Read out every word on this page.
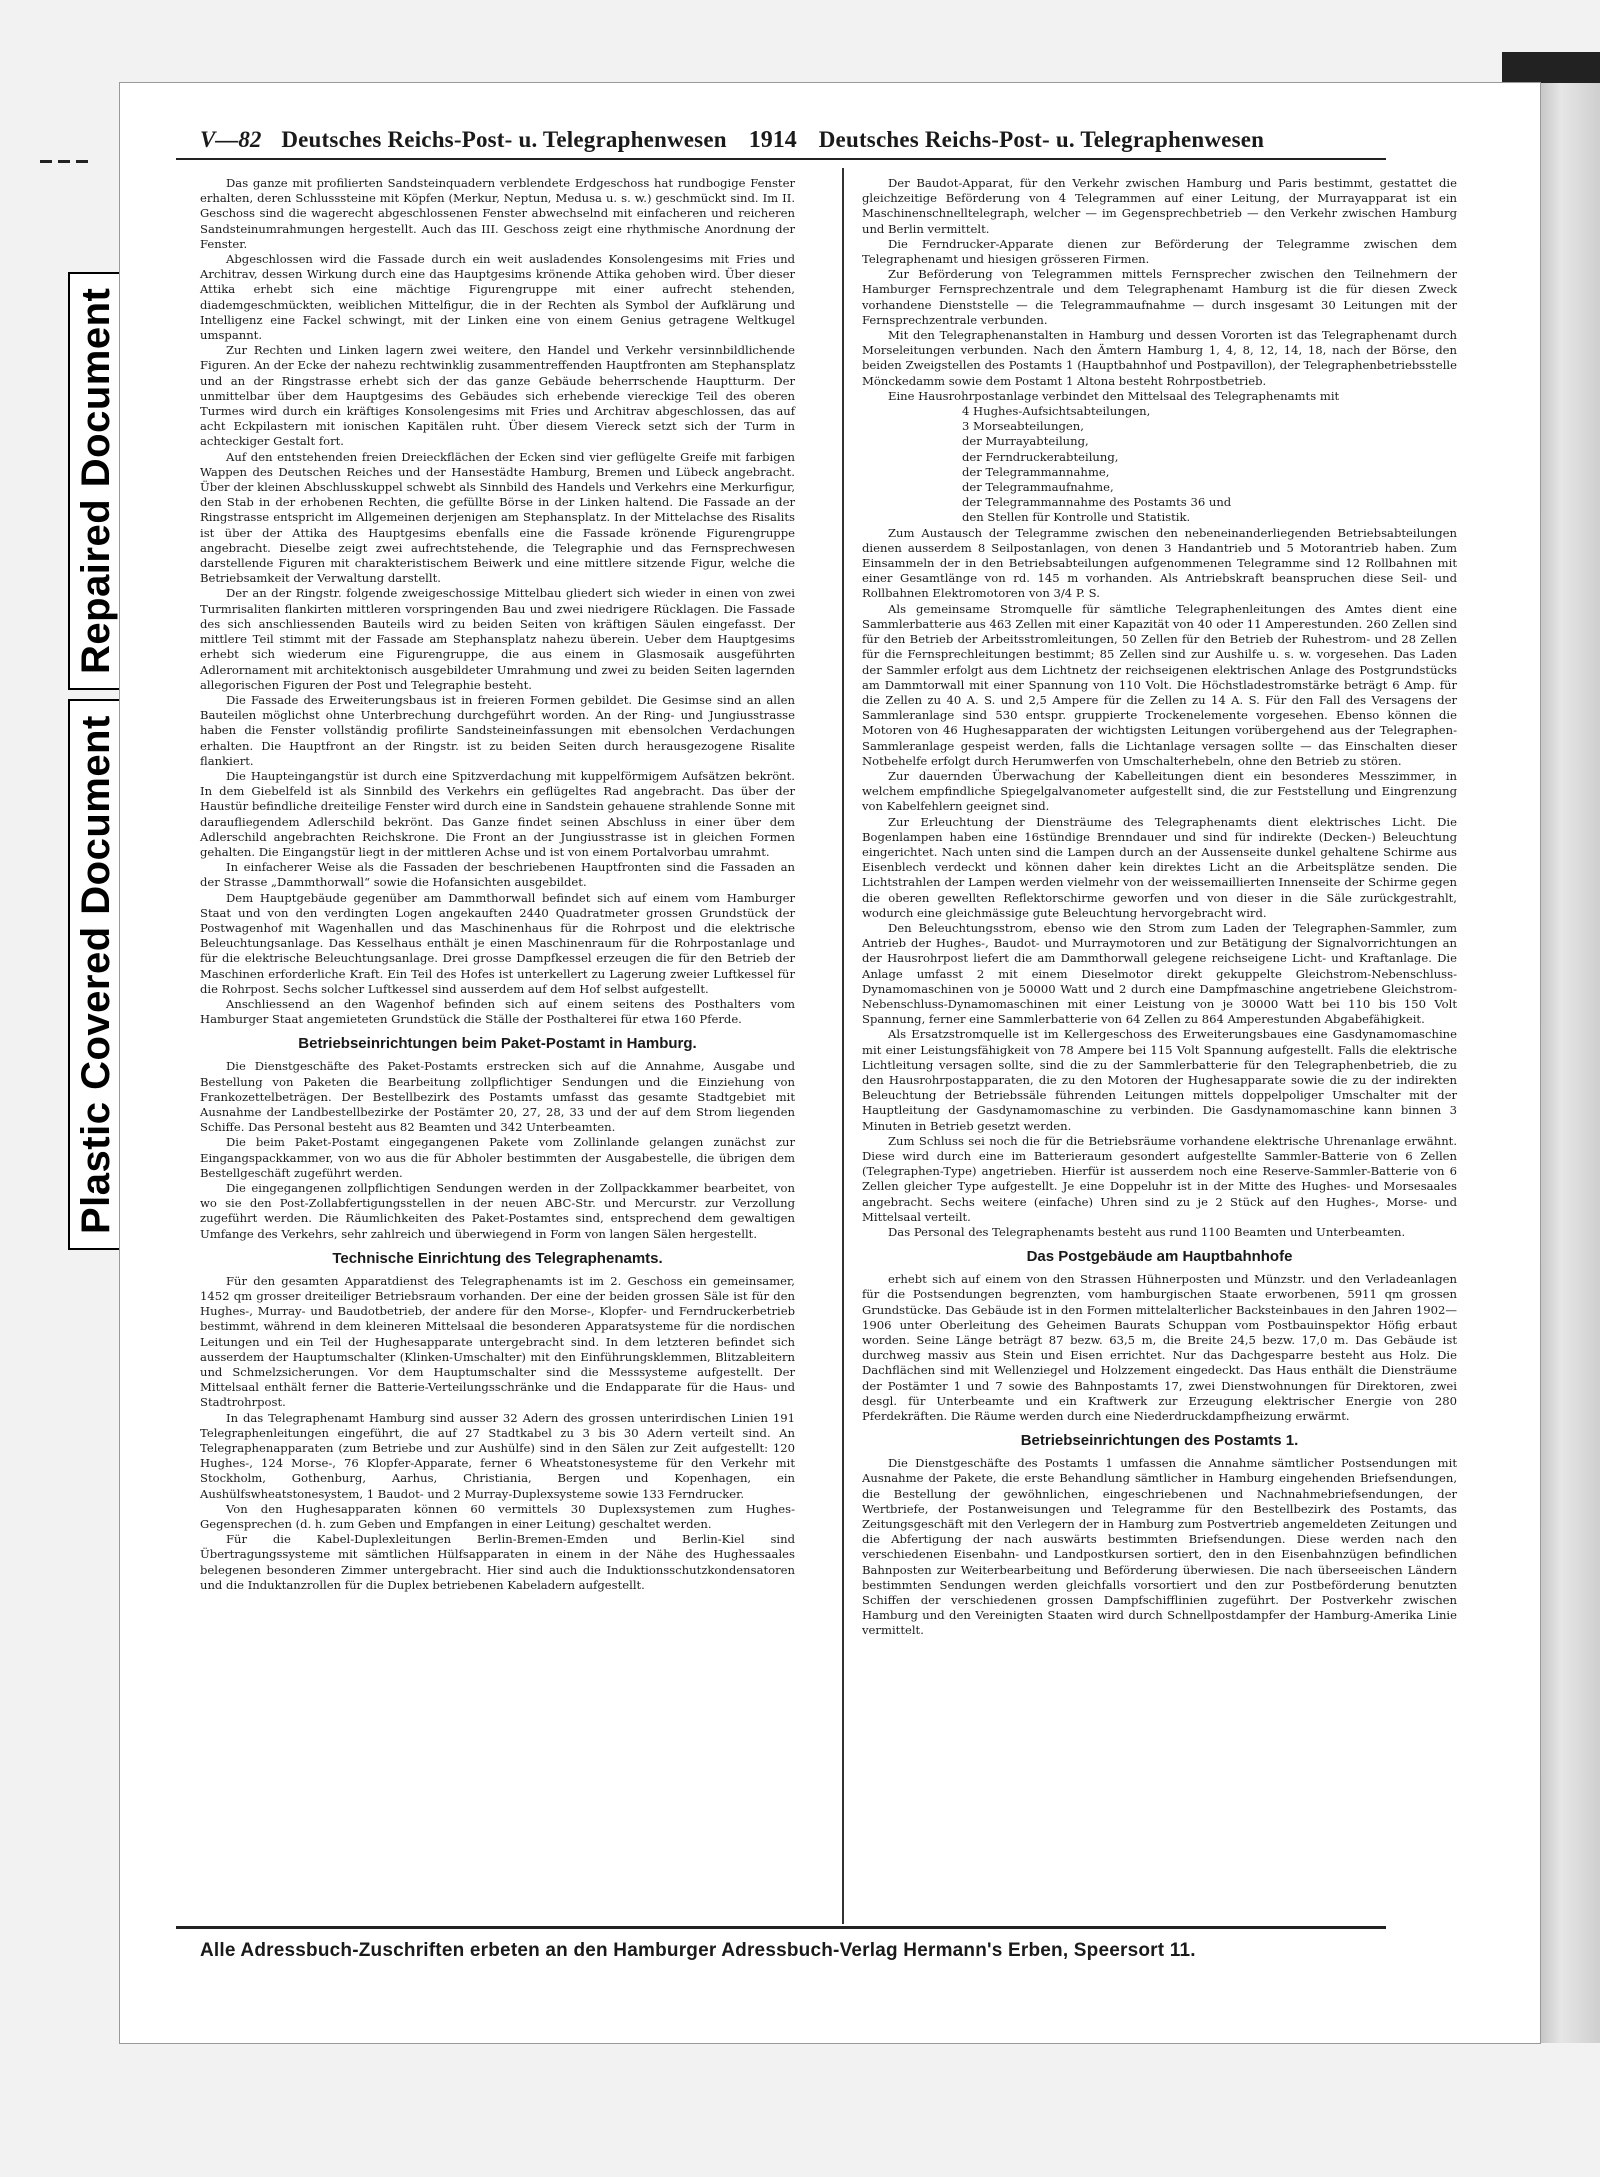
Repaired Document
Plastic Covered Document
V—82 Deutsches Reichs-Post- u. Telegraphenwesen 1914 Deutsches Reichs-Post- u. Telegraphenwesen

Das ganze mit profilierten Sandsteinquadern verblendete Erdgeschoss hat rundbogige Fenster erhalten, deren Schlusssteine mit Köpfen (Merkur, Neptun, Medusa u. s. w.) geschmückt sind. Im II. Geschoss sind die wagerecht abgeschlossenen Fenster abwechselnd mit einfacheren und reicheren Sandsteinumrahmungen hergestellt. Auch das III. Geschoss zeigt eine rhythmische Anordnung der Fenster.

Abgeschlossen wird die Fassade durch ein weit ausladendes Konsolengesims mit Fries und Architrav, dessen Wirkung durch eine das Hauptgesims krönende Attika gehoben wird. Über dieser Attika erhebt sich eine mächtige Figurengruppe mit einer aufrecht stehenden, diademgeschmückten, weiblichen Mittelfigur, die in der Rechten als Symbol der Aufklärung und Intelligenz eine Fackel schwingt, mit der Linken eine von einem Genius getragene Weltkugel umspannt.

Zur Rechten und Linken lagern zwei weitere, den Handel und Verkehr versinnbildlichende Figuren. An der Ecke der nahezu rechtwinklig zusammentreffenden Hauptfronten am Stephansplatz und an der Ringstrasse erhebt sich der das ganze Gebäude beherrschende Hauptturm. Der unmittelbar über dem Hauptgesims des Gebäudes sich erhebende viereckige Teil des oberen Turmes wird durch ein kräftiges Konsolengesims mit Fries und Architrav abgeschlossen, das auf acht Eckpilastern mit ionischen Kapitälen ruht. Über diesem Viereck setzt sich der Turm in achteckiger Gestalt fort.

Auf den entstehenden freien Dreieckflächen der Ecken sind vier geflügelte Greife mit farbigen Wappen des Deutschen Reiches und der Hansestädte Hamburg, Bremen und Lübeck angebracht. Über der kleinen Abschlusskuppel schwebt als Sinnbild des Handels und Verkehrs eine Merkurfigur, den Stab in der erhobenen Rechten, die gefüllte Börse in der Linken haltend. Die Fassade an der Ringstrasse entspricht im Allgemeinen derjenigen am Stephansplatz. In der Mittelachse des Risalits ist über der Attika des Hauptgesims ebenfalls eine die Fassade krönende Figurengruppe angebracht. Dieselbe zeigt zwei aufrechtstehende, die Telegraphie und das Fernsprechwesen darstellende Figuren mit charakteristischem Beiwerk und eine mittlere sitzende Figur, welche die Betriebsamkeit der Verwaltung darstellt.

Der an der Ringstr. folgende zweigeschossige Mittelbau gliedert sich wieder in einen von zwei Turmrisaliten flankirten mittleren vorspringenden Bau und zwei niedrigere Rücklagen. Die Fassade des sich anschliessenden Bauteils wird zu beiden Seiten von kräftigen Säulen eingefasst. Der mittlere Teil stimmt mit der Fassade am Stephansplatz nahezu überein. Ueber dem Hauptgesims erhebt sich wiederum eine Figurengruppe, die aus einem in Glasmosaik ausgeführten Adlerornament mit architektonisch ausgebildeter Umrahmung und zwei zu beiden Seiten lagernden allegorischen Figuren der Post und Telegraphie besteht.

Die Fassade des Erweiterungsbaus ist in freieren Formen gebildet. Die Gesimse sind an allen Bauteilen möglichst ohne Unterbrechung durchgeführt worden. An der Ring- und Jungiusstrasse haben die Fenster vollständig profilirte Sandsteineinfassungen mit ebensolchen Verdachungen erhalten. Die Hauptfront an der Ringstr. ist zu beiden Seiten durch herausgezogene Risalite flankiert.

Die Haupteingangstür ist durch eine Spitzverdachung mit kuppelförmigem Aufsätzen bekrönt. In dem Giebelfeld ist als Sinnbild des Verkehrs ein geflügeltes Rad angebracht. Das über der Haustür befindliche dreiteilige Fenster wird durch eine in Sandstein gehauene strahlende Sonne mit daraufliegendem Adlerschild bekrönt. Das Ganze findet seinen Abschluss in einer über dem Adlerschild angebrachten Reichskrone. Die Front an der Jungiusstrasse ist in gleichen Formen gehalten. Die Eingangstür liegt in der mittleren Achse und ist von einem Portalvorbau umrahmt.

In einfacherer Weise als die Fassaden der beschriebenen Hauptfronten sind die Fassaden an der Strasse „Dammthorwall“ sowie die Hofansichten ausgebildet.

Dem Hauptgebäude gegenüber am Dammthorwall befindet sich auf einem vom Hamburger Staat und von den verdingten Logen angekauften 2440 Quadratmeter grossen Grundstück der Postwagenhof mit Wagenhallen und das Maschinenhaus für die Rohrpost und die elektrische Beleuchtungsanlage. Das Kesselhaus enthält je einen Maschinenraum für die Rohrpostanlage und für die elektrische Beleuchtungsanlage. Drei grosse Dampfkessel erzeugen die für den Betrieb der Maschinen erforderliche Kraft. Ein Teil des Hofes ist unterkellert zu Lagerung zweier Luftkessel für die Rohrpost. Sechs solcher Luftkessel sind ausserdem auf dem Hof selbst aufgestellt.

Anschliessend an den Wagenhof befinden sich auf einem seitens des Posthalters vom Hamburger Staat angemieteten Grundstück die Ställe der Posthalterei für etwa 160 Pferde.

Betriebseinrichtungen beim Paket-Postamt in Hamburg.

Die Dienstgeschäfte des Paket-Postamts erstrecken sich auf die Annahme, Ausgabe und Bestellung von Paketen die Bearbeitung zollpflichtiger Sendungen und die Einziehung von Frankozettelbeträgen. Der Bestellbezirk des Postamts umfasst das gesamte Stadtgebiet mit Ausnahme der Landbestellbezirke der Postämter 20, 27, 28, 33 und der auf dem Strom liegenden Schiffe. Das Personal besteht aus 82 Beamten und 342 Unterbeamten.

Die beim Paket-Postamt eingegangenen Pakete vom Zollinlande gelangen zunächst zur Eingangspackkammer, von wo aus die für Abholer bestimmten der Ausgabestelle, die übrigen dem Bestellgeschäft zugeführt werden.

Die eingegangenen zollpflichtigen Sendungen werden in der Zollpackkammer bearbeitet, von wo sie den Post-Zollabfertigungsstellen in der neuen ABC-Str. und Mercurstr. zur Verzollung zugeführt werden. Die Räumlichkeiten des Paket-Postamtes sind, entsprechend dem gewaltigen Umfange des Verkehrs, sehr zahlreich und überwiegend in Form von langen Sälen hergestellt.

Technische Einrichtung des Telegraphenamts.

Für den gesamten Apparatdienst des Telegraphenamts ist im 2. Geschoss ein gemeinsamer, 1452 qm grosser dreiteiliger Betriebsraum vorhanden. Der eine der beiden grossen Säle ist für den Hughes-, Murray- und Baudotbetrieb, der andere für den Morse-, Klopfer- und Ferndruckerbetrieb bestimmt, während in dem kleineren Mittelsaal die besonderen Apparatsysteme für die nordischen Leitungen und ein Teil der Hughesapparate untergebracht sind. In dem letzteren befindet sich ausserdem der Hauptumschalter (Klinken-Umschalter) mit den Einführungsklemmen, Blitzableitern und Schmelzsicherungen. Vor dem Hauptumschalter sind die Messsysteme aufgestellt. Der Mittelsaal enthält ferner die Batterie-Verteilungsschränke und die Endapparate für die Haus- und Stadtrohrpost.

In das Telegraphenamt Hamburg sind ausser 32 Adern des grossen unterirdischen Linien 191 Telegraphenleitungen eingeführt, die auf 27 Stadtkabel zu 3 bis 30 Adern verteilt sind. An Telegraphenapparaten (zum Betriebe und zur Aushülfe) sind in den Sälen zur Zeit aufgestellt: 120 Hughes-, 124 Morse-, 76 Klopfer-Apparate, ferner 6 Wheatstonesysteme für den Verkehr mit Stockholm, Gothenburg, Aarhus, Christiania, Bergen und Kopenhagen, ein Aushülfswheatstonesystem, 1 Baudot- und 2 Murray-Duplexsysteme sowie 133 Ferndrucker.

Von den Hughesapparaten können 60 vermittels 30 Duplexsystemen zum Hughes-Gegensprechen (d. h. zum Geben und Empfangen in einer Leitung) geschaltet werden.

Für die Kabel-Duplexleitungen Berlin-Bremen-Emden und Berlin-Kiel sind Übertragungssysteme mit sämtlichen Hülfsapparaten in einem in der Nähe des Hughessaales belegenen besonderen Zimmer untergebracht. Hier sind auch die Induktionsschutzkondensatoren und die Induktanzrollen für die Duplex betriebenen Kabeladern aufgestellt.

Der Baudot-Apparat, für den Verkehr zwischen Hamburg und Paris bestimmt, gestattet die gleichzeitige Beförderung von 4 Telegrammen auf einer Leitung, der Murrayapparat ist ein Maschinenschnelltelegraph, welcher — im Gegensprechbetrieb — den Verkehr zwischen Hamburg und Berlin vermittelt.

Die Ferndrucker-Apparate dienen zur Beförderung der Telegramme zwischen dem Telegraphenamt und hiesigen grösseren Firmen.

Zur Beförderung von Telegrammen mittels Fernsprecher zwischen den Teilnehmern der Hamburger Fernsprechzentrale und dem Telegraphenamt Hamburg ist die für diesen Zweck vorhandene Dienststelle — die Telegrammaufnahme — durch insgesamt 30 Leitungen mit der Fernsprechzentrale verbunden.

Mit den Telegraphenanstalten in Hamburg und dessen Vororten ist das Telegraphenamt durch Morseleitungen verbunden. Nach den Ämtern Hamburg 1, 4, 8, 12, 14, 18, nach der Börse, den beiden Zweigstellen des Postamts 1 (Hauptbahnhof und Postpavillon), der Telegraphenbetriebsstelle Mönckedamm sowie dem Postamt 1 Altona besteht Rohrpostbetrieb.

Eine Hausrohrpostanlage verbindet den Mittelsaal des Telegraphenamts mit

4 Hughes-Aufsichtsabteilungen,
3 Morseabteilungen,
der Murrayabteilung,
der Ferndruckerabteilung,
der Telegrammannahme,
der Telegrammaufnahme,
der Telegrammannahme des Postamts 36 und
den Stellen für Kontrolle und Statistik.

Zum Austausch der Telegramme zwischen den nebeneinanderliegenden Betriebsabteilungen dienen ausserdem 8 Seilpostanlagen, von denen 3 Handantrieb und 5 Motorantrieb haben. Zum Einsammeln der in den Betriebsabteilungen aufgenommenen Telegramme sind 12 Rollbahnen mit einer Gesamtlänge von rd. 145 m vorhanden. Als Antriebskraft beanspruchen diese Seil- und Rollbahnen Elektromotoren von 3/4 P. S.

Als gemeinsame Stromquelle für sämtliche Telegraphenleitungen des Amtes dient eine Sammlerbatterie aus 463 Zellen mit einer Kapazität von 40 oder 11 Amperestunden. 260 Zellen sind für den Betrieb der Arbeitsstromleitungen, 50 Zellen für den Betrieb der Ruhestrom- und 28 Zellen für die Fernsprechleitungen bestimmt; 85 Zellen sind zur Aushilfe u. s. w. vorgesehen. Das Laden der Sammler erfolgt aus dem Lichtnetz der reichseigenen elektrischen Anlage des Postgrundstücks am Dammtorwall mit einer Spannung von 110 Volt. Die Höchstladestromstärke beträgt 6 Amp. für die Zellen zu 40 A. S. und 2,5 Ampere für die Zellen zu 14 A. S. Für den Fall des Versagens der Sammleranlage sind 530 entspr. gruppierte Trockenelemente vorgesehen. Ebenso können die Motoren von 46 Hughesapparaten der wichtigsten Leitungen vorübergehend aus der Telegraphen-Sammleranlage gespeist werden, falls die Lichtanlage versagen sollte — das Einschalten dieser Notbehelfe erfolgt durch Herumwerfen von Umschalterhebeln, ohne den Betrieb zu stören.

Zur dauernden Überwachung der Kabelleitungen dient ein besonderes Messzimmer, in welchem empfindliche Spiegelgalvanometer aufgestellt sind, die zur Feststellung und Eingrenzung von Kabelfehlern geeignet sind.

Zur Erleuchtung der Diensträume des Telegraphenamts dient elektrisches Licht. Die Bogenlampen haben eine 16stündige Brenndauer und sind für indirekte (Decken-) Beleuchtung eingerichtet. Nach unten sind die Lampen durch an der Aussenseite dunkel gehaltene Schirme aus Eisenblech verdeckt und können daher kein direktes Licht an die Arbeitsplätze senden. Die Lichtstrahlen der Lampen werden vielmehr von der weissemaillierten Innenseite der Schirme gegen die oberen gewellten Reflektorschirme geworfen und von dieser in die Säle zurückgestrahlt, wodurch eine gleichmässige gute Beleuchtung hervorgebracht wird.

Den Beleuchtungsstrom, ebenso wie den Strom zum Laden der Telegraphen-Sammler, zum Antrieb der Hughes-, Baudot- und Murraymotoren und zur Betätigung der Signalvorrichtungen an der Hausrohrpost liefert die am Dammthorwall gelegene reichseigene Licht- und Kraftanlage. Die Anlage umfasst 2 mit einem Dieselmotor direkt gekuppelte Gleichstrom-Nebenschluss-Dynamomaschinen von je 50000 Watt und 2 durch eine Dampfmaschine angetriebene Gleichstrom-Nebenschluss-Dynamomaschinen mit einer Leistung von je 30000 Watt bei 110 bis 150 Volt Spannung, ferner eine Sammlerbatterie von 64 Zellen zu 864 Amperestunden Abgabefähigkeit.

Als Ersatzstromquelle ist im Kellergeschoss des Erweiterungsbaues eine Gasdynamomaschine mit einer Leistungsfähigkeit von 78 Ampere bei 115 Volt Spannung aufgestellt. Falls die elektrische Lichtleitung versagen sollte, sind die zu der Sammlerbatterie für den Telegraphenbetrieb, die zu den Hausrohrpostapparaten, die zu den Motoren der Hughesapparate sowie die zu der indirekten Beleuchtung der Betriebssäle führenden Leitungen mittels doppelpoliger Umschalter mit der Hauptleitung der Gasdynamomaschine zu verbinden. Die Gasdynamomaschine kann binnen 3 Minuten in Betrieb gesetzt werden.

Zum Schluss sei noch die für die Betriebsräume vorhandene elektrische Uhrenanlage erwähnt. Diese wird durch eine im Batterieraum gesondert aufgestellte Sammler-Batterie von 6 Zellen (Telegraphen-Type) angetrieben. Hierfür ist ausserdem noch eine Reserve-Sammler-Batterie von 6 Zellen gleicher Type aufgestellt. Je eine Doppeluhr ist in der Mitte des Hughes- und Morsesaales angebracht. Sechs weitere (einfache) Uhren sind zu je 2 Stück auf den Hughes-, Morse- und Mittelsaal verteilt.

Das Personal des Telegraphenamts besteht aus rund 1100 Beamten und Unterbeamten.

Das Postgebäude am Hauptbahnhofe

erhebt sich auf einem von den Strassen Hühnerposten und Münzstr. und den Verladeanlagen für die Postsendungen begrenzten, vom hamburgischen Staate erworbenen, 5911 qm grossen Grundstücke. Das Gebäude ist in den Formen mittelalterlicher Backsteinbaues in den Jahren 1902—1906 unter Oberleitung des Geheimen Baurats Schuppan vom Postbauinspektor Höfig erbaut worden. Seine Länge beträgt 87 bezw. 63,5 m, die Breite 24,5 bezw. 17,0 m. Das Gebäude ist durchweg massiv aus Stein und Eisen errichtet. Nur das Dachgesparre besteht aus Holz. Die Dachflächen sind mit Wellenziegel und Holzzement eingedeckt. Das Haus enthält die Diensträume der Postämter 1 und 7 sowie des Bahnpostamts 17, zwei Dienstwohnungen für Direktoren, zwei desgl. für Unterbeamte und ein Kraftwerk zur Erzeugung elektrischer Energie von 280 Pferdekräften. Die Räume werden durch eine Niederdruckdampfheizung erwärmt.

Betriebseinrichtungen des Postamts 1.

Die Dienstgeschäfte des Postamts 1 umfassen die Annahme sämtlicher Postsendungen mit Ausnahme der Pakete, die erste Behandlung sämtlicher in Hamburg eingehenden Briefsendungen, die Bestellung der gewöhnlichen, eingeschriebenen und Nachnahmebriefsendungen, der Wertbriefe, der Postanweisungen und Telegramme für den Bestellbezirk des Postamts, das Zeitungsgeschäft mit den Verlegern der in Hamburg zum Postvertrieb angemeldeten Zeitungen und die Abfertigung der nach auswärts bestimmten Briefsendungen. Diese werden nach den verschiedenen Eisenbahn- und Landpostkursen sortiert, den in den Eisenbahnzügen befindlichen Bahnposten zur Weiterbearbeitung und Beförderung überwiesen. Die nach überseeischen Ländern bestimmten Sendungen werden gleichfalls vorsortiert und den zur Postbeförderung benutzten Schiffen der verschiedenen grossen Dampfschifflinien zugeführt. Der Postverkehr zwischen Hamburg und den Vereinigten Staaten wird durch Schnellpostdampfer der Hamburg-Amerika Linie vermittelt.

Alle Adressbuch-Zuschriften erbeten an den Hamburger Adressbuch-Verlag Hermann's Erben, Speersort 11.
